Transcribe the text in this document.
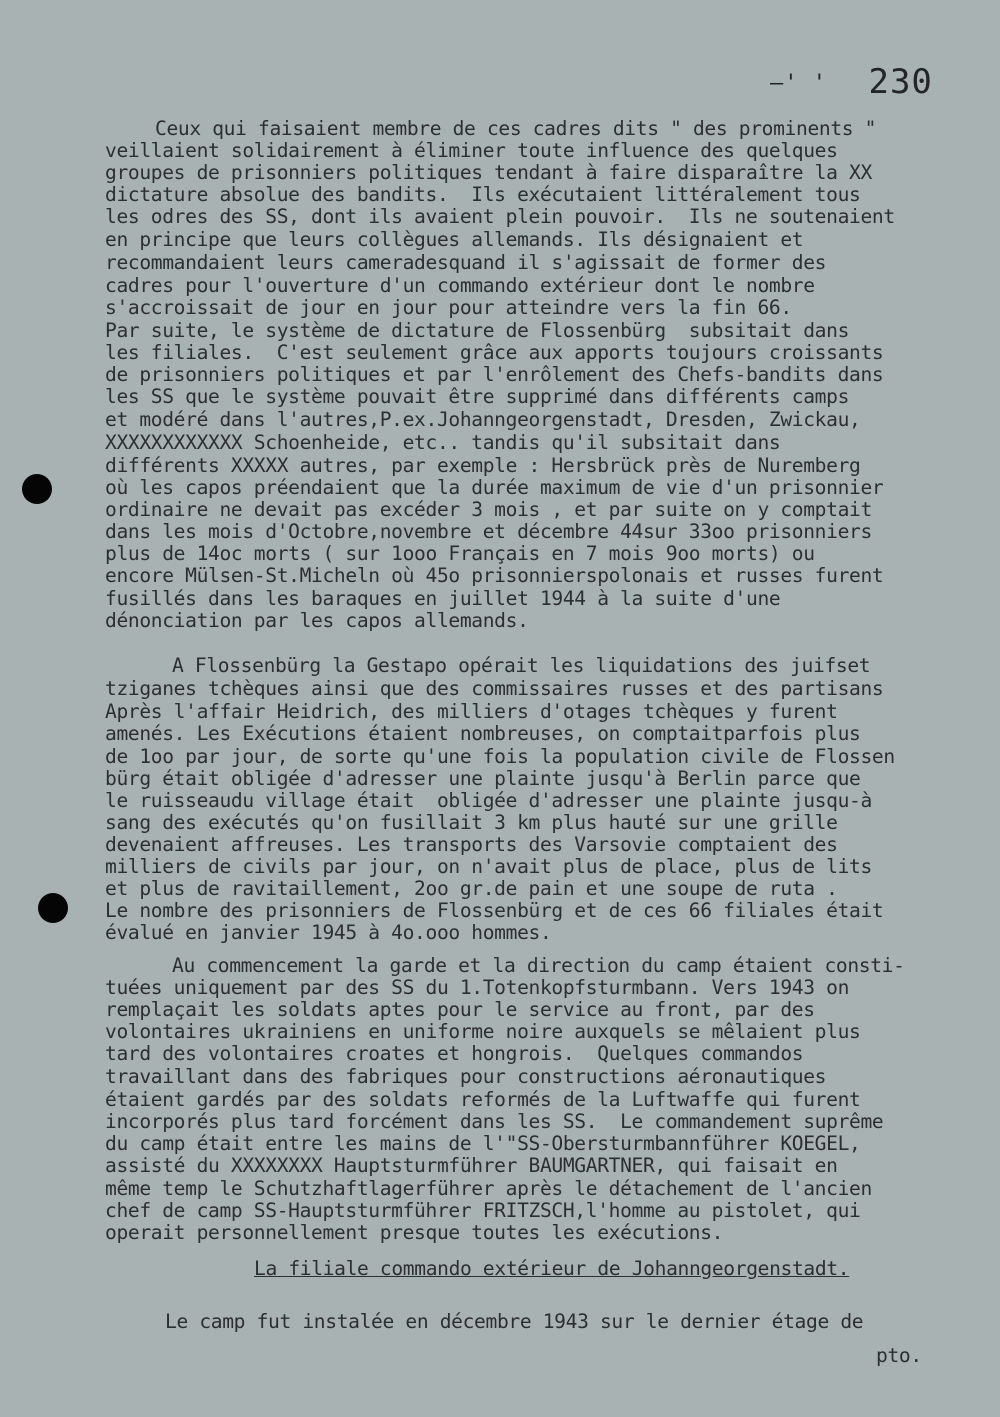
—' ' 230
Ceux qui faisaient membre de ces cadres dits " des prominents "
veillaient solidairement à éliminer toute influence des quelques
groupes de prisonniers politiques tendant à faire disparaître la XX
dictature absolue des bandits.  Ils exécutaient littéralement tous
les odres des SS, dont ils avaient plein pouvoir.  Ils ne soutenaient
en principe que leurs collègues allemands. Ils désignaient et
recommandaient leurs cameradesquand il s'agissait de former des
cadres pour l'ouverture d'un commando extérieur dont le nombre
s'accroissait de jour en jour pour atteindre vers la fin 66.
Par suite, le système de dictature de Flossenbürg  subsitait dans
les filiales.  C'est seulement grâce aux apports toujours croissants
de prisonniers politiques et par l'enrôlement des Chefs-bandits dans
les SS que le système pouvait être supprimé dans différents camps
et modéré dans l'autres,P.ex.Johanngeorgenstadt, Dresden, Zwickau,
XXXXXXXXXXXX Schoenheide, etc.. tandis qu'il subsitait dans
différents XXXXX autres, par exemple : Hersbrück près de Nuremberg
où les capos préendaient que la durée maximum de vie d'un prisonnier
ordinaire ne devait pas excéder 3 mois , et par suite on y comptait
dans les mois d'Octobre,novembre et décembre 44sur 33oo prisonniers
plus de 14oc morts ( sur 1ooo Français en 7 mois 9oo morts) ou
encore Mülsen-St.Micheln où 45o prisonnierspolonais et russes furent
fusillés dans les baraques en juillet 1944 à la suite d'une
dénonciation par les capos allemands.
A Flossenbürg la Gestapo opérait les liquidations des juifset
tziganes tchèques ainsi que des commissaires russes et des partisans
Après l'affair Heidrich, des milliers d'otages tchèques y furent
amenés. Les Exécutions étaient nombreuses, on comptaitparfois plus
de 1oo par jour, de sorte qu'une fois la population civile de Flossen
bürg était obligée d'adresser une plainte jusqu'à Berlin parce que
le ruisseaudu village était  obligée d'adresser une plainte jusqu-à
sang des exécutés qu'on fusillait 3 km plus hauté sur une grille
devenaient affreuses. Les transports des Varsovie comptaient des
milliers de civils par jour, on n'avait plus de place, plus de lits
et plus de ravitaillement, 2oo gr.de pain et une soupe de ruta .
Le nombre des prisonniers de Flossenbürg et de ces 66 filiales était
évalué en janvier 1945 à 4o.ooo hommes.
Au commencement la garde et la direction du camp étaient consti-
tuées uniquement par des SS du 1.Totenkopfsturmbann. Vers 1943 on
remplaçait les soldats aptes pour le service au front, par des
volontaires ukrainiens en uniforme noire auxquels se mêlaient plus
tard des volontaires croates et hongrois.  Quelques commandos
travaillant dans des fabriques pour constructions aéronautiques
étaient gardés par des soldats reformés de la Luftwaffe qui furent
incorporés plus tard forcément dans les SS.  Le commandement suprême
du camp était entre les mains de l'"SS-Obersturmbannführer KOEGEL,
assisté du XXXXXXXX Hauptsturmführer BAUMGARTNER, qui faisait en
même temp le Schutzhaftlagerführer après le détachement de l'ancien
chef de camp SS-Hauptsturmführer FRITZSCH,l'homme au pistolet, qui
operait personnellement presque toutes les exécutions.
La filiale commando extérieur de Johanngeorgenstadt.
Le camp fut instalée en décembre 1943 sur le dernier étage de
pto.
